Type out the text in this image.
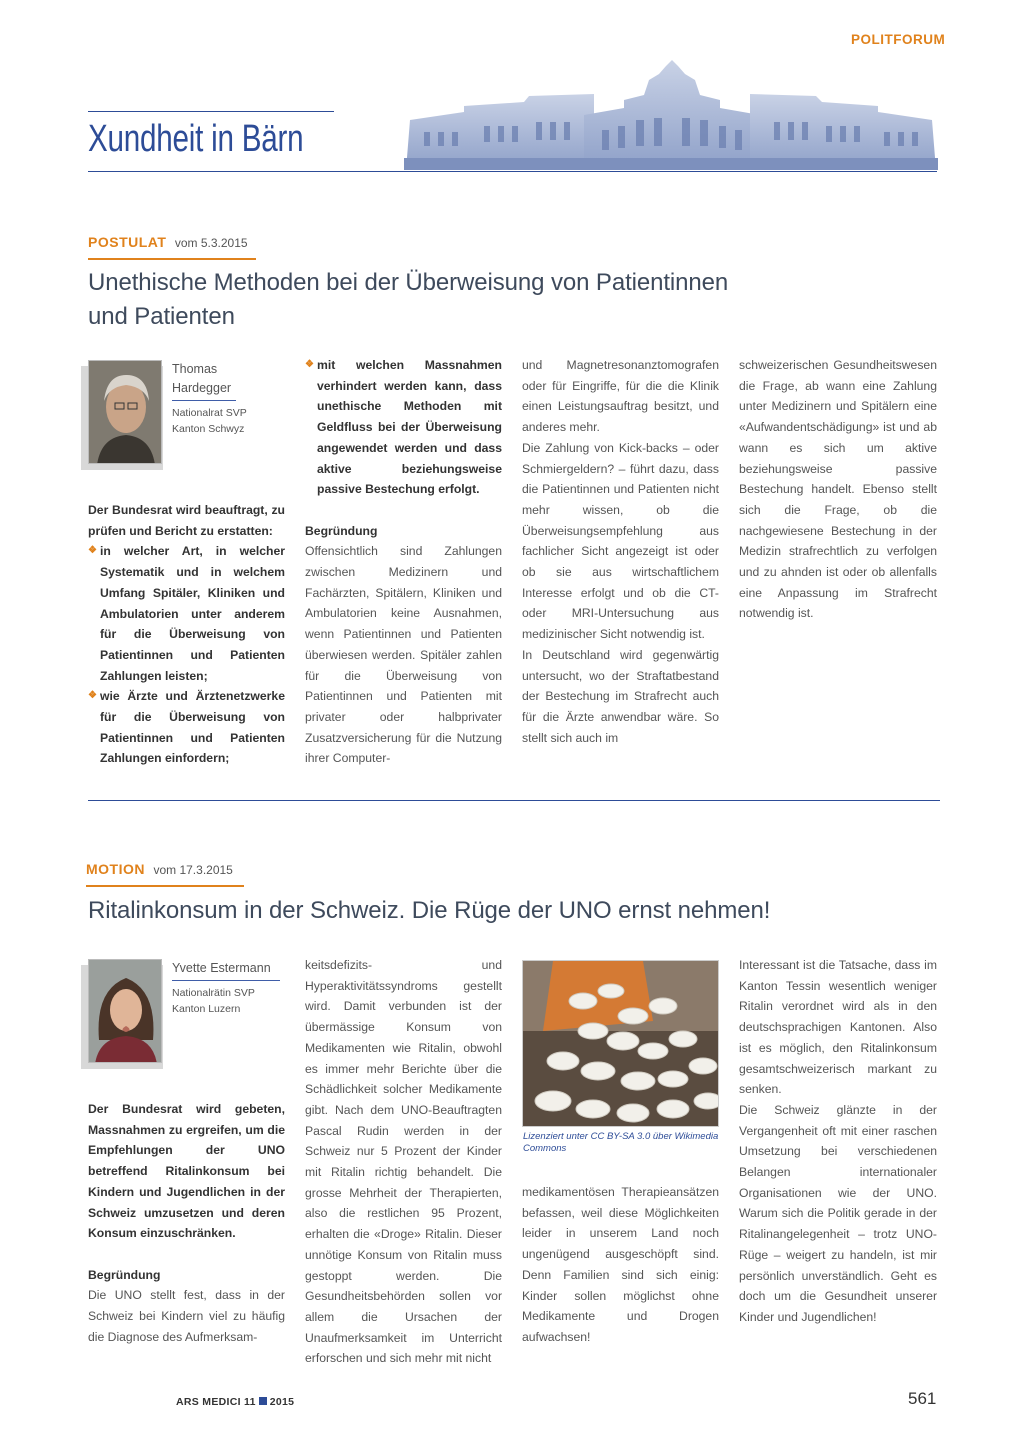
POLITFORUM
Xundheit in Bärn
POSTULAT vom 5.3.2015
Unethische Methoden bei der Überweisung von Patientinnen
und Patienten
Thomas
Hardegger
Nationalrat SVP
Kanton Schwyz

Der Bundesrat wird beauftragt, zu prüfen und Bericht zu erstatten:

❖ in welcher Art, in welcher Systematik und in welchem Umfang Spitäler, Kliniken und Ambulatorien unter anderem für die Überweisung von Patientinnen und Patienten Zahlungen leisten;

❖ wie Ärzte und Ärztenetzwerke für die Überweisung von Patientinnen und Patienten Zahlungen einfordern;

❖ mit welchen Massnahmen verhindert werden kann, dass unethische Methoden mit Geldfluss bei der Überweisung angewendet werden und dass aktive beziehungsweise passive Bestechung erfolgt.

Begründung

Offensichtlich sind Zahlungen zwischen Medizinern und Fachärzten, Spitälern, Kliniken und Ambulatorien keine Ausnahmen, wenn Patientinnen und Patienten überwiesen werden. Spitäler zahlen für die Überweisung von Patientinnen und Patienten mit privater oder halbprivater Zusatzversicherung für die Nutzung ihrer Computer-

und Magnetresonanztomografen oder für Eingriffe, für die die Klinik einen Leistungsauftrag besitzt, und anderes mehr.

Die Zahlung von Kick-backs – oder Schmiergeldern? – führt dazu, dass die Patientinnen und Patienten nicht mehr wissen, ob die Überweisungsempfehlung aus fachlicher Sicht angezeigt ist oder ob sie aus wirtschaftlichem Interesse erfolgt und ob die CT- oder MRI-Untersuchung aus medizinischer Sicht notwendig ist.

In Deutschland wird gegenwärtig untersucht, wo der Straftatbestand der Bestechung im Strafrecht auch für die Ärzte anwendbar wäre. So stellt sich auch im

schweizerischen Gesundheitswesen die Frage, ab wann eine Zahlung unter Medizinern und Spitälern eine «Aufwandentschädigung» ist und ab wann es sich um aktive beziehungsweise passive Bestechung handelt. Ebenso stellt sich die Frage, ob die nachgewiesene Bestechung in der Medizin strafrechtlich zu verfolgen und zu ahnden ist oder ob allenfalls eine Anpassung im Strafrecht notwendig ist.

MOTION vom 17.3.2015
Ritalinkonsum in der Schweiz. Die Rüge der UNO ernst nehmen!
Yvette Estermann
Nationalrätin SVP
Kanton Luzern

Der Bundesrat wird gebeten, Massnahmen zu ergreifen, um die Empfehlungen der UNO betreffend Ritalinkonsum bei Kindern und Jugendlichen in der Schweiz umzusetzen und deren Konsum einzuschränken.

Begründung

Die UNO stellt fest, dass in der Schweiz bei Kindern viel zu häufig die Diagnose des Aufmerksam-

keitsdefizits- und Hyperaktivitätssyndroms gestellt wird. Damit verbunden ist der übermässige Konsum von Medikamenten wie Ritalin, obwohl es immer mehr Berichte über die Schädlichkeit solcher Medikamente gibt. Nach dem UNO-Beauftragten Pascal Rudin werden in der Schweiz nur 5 Prozent der Kinder mit Ritalin richtig behandelt. Die grosse Mehrheit der Therapierten, also die restlichen 95 Prozent, erhalten die «Droge» Ritalin. Dieser unnötige Konsum von Ritalin muss gestoppt werden. Die Gesundheitsbehörden sollen vor allem die Ursachen der Unaufmerksamkeit im Unterricht erforschen und sich mehr mit nicht

Lizenziert unter CC BY-SA 3.0 über Wikimedia Commons

medikamentösen Therapieansätzen befassen, weil diese Möglichkeiten leider in unserem Land noch ungenügend ausgeschöpft sind. Denn Familien sind sich einig: Kinder sollen möglichst ohne Medikamente und Drogen aufwachsen!

Interessant ist die Tatsache, dass im Kanton Tessin wesentlich weniger Ritalin verordnet wird als in den deutschsprachigen Kantonen. Also ist es möglich, den Ritalinkonsum gesamtschweizerisch markant zu senken.

Die Schweiz glänzte in der Vergangenheit oft mit einer raschen Umsetzung bei verschiedenen Belangen internationaler Organisationen wie der UNO. Warum sich die Politik gerade in der Ritalinangelegenheit – trotz UNO-Rüge – weigert zu handeln, ist mir persönlich unverständlich. Geht es doch um die Gesundheit unserer Kinder und Jugendlichen!

ARS MEDICI 11 2015	561
